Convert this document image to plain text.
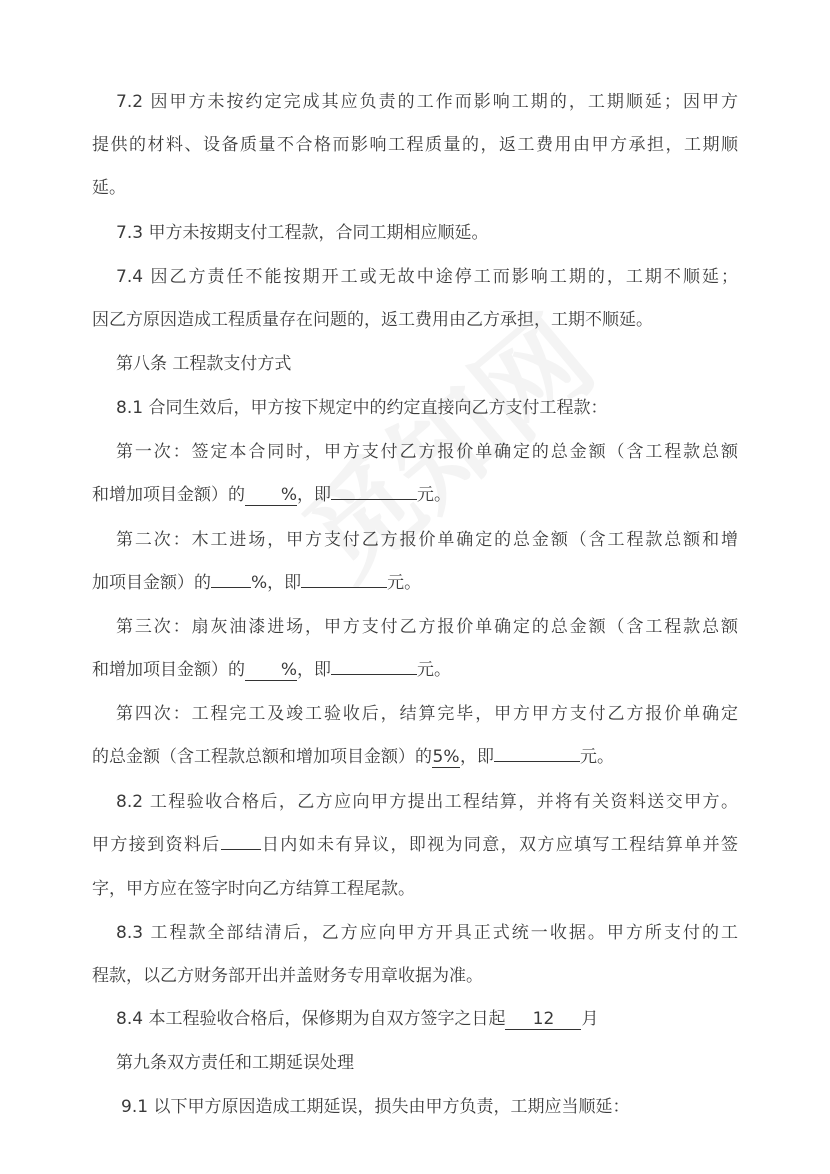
7.2 因甲方未按约定完成其应负责的工作而影响工期的，工期顺延；因甲方
提供的材料、设备质量不合格而影响工程质量的，返工费用由甲方承担，工期顺
延。
7.3 甲方未按期支付工程款，合同工期相应顺延。
7.4 因乙方责任不能按期开工或无故中途停工而影响工期的，工期不顺延；
因乙方原因造成工程质量存在问题的，返工费用由乙方承担，工期不顺延。
第八条 工程款支付方式
8.1 合同生效后，甲方按下规定中的约定直接向乙方支付工程款：
第一次：签定本合同时，甲方支付乙方报价单确定的总金额（含工程款总额
和增加项目金额）的 %，即	元。
第二次：木工进场，甲方支付乙方报价单确定的总金额（含工程款总额和增
加项目金额）的 %，即	元。
第三次：扇灰油漆进场，甲方支付乙方报价单确定的总金额（含工程款总额
和增加项目金额）的 %，即	元。
第四次：工程完工及竣工验收后，结算完毕，甲方甲方支付乙方报价单确定
的总金额（含工程款总额和增加项目金额）的5%，即	元。
8.2 工程验收合格后，乙方应向甲方提出工程结算，并将有关资料送交甲方。
甲方接到资料后 日内如未有异议，即视为同意，双方应填写工程结算单并签
字，甲方应在签字时向乙方结算工程尾款。
8.3 工程款全部结清后，乙方应向甲方开具正式统一收据。甲方所支付的工
程款，以乙方财务部开出并盖财务专用章收据为准。
8.4 本工程验收合格后，保修期为自双方签字之日起 12 月
第九条双方责任和工期延误处理
9.1 以下甲方原因造成工期延误，损失由甲方负责，工期应当顺延：
